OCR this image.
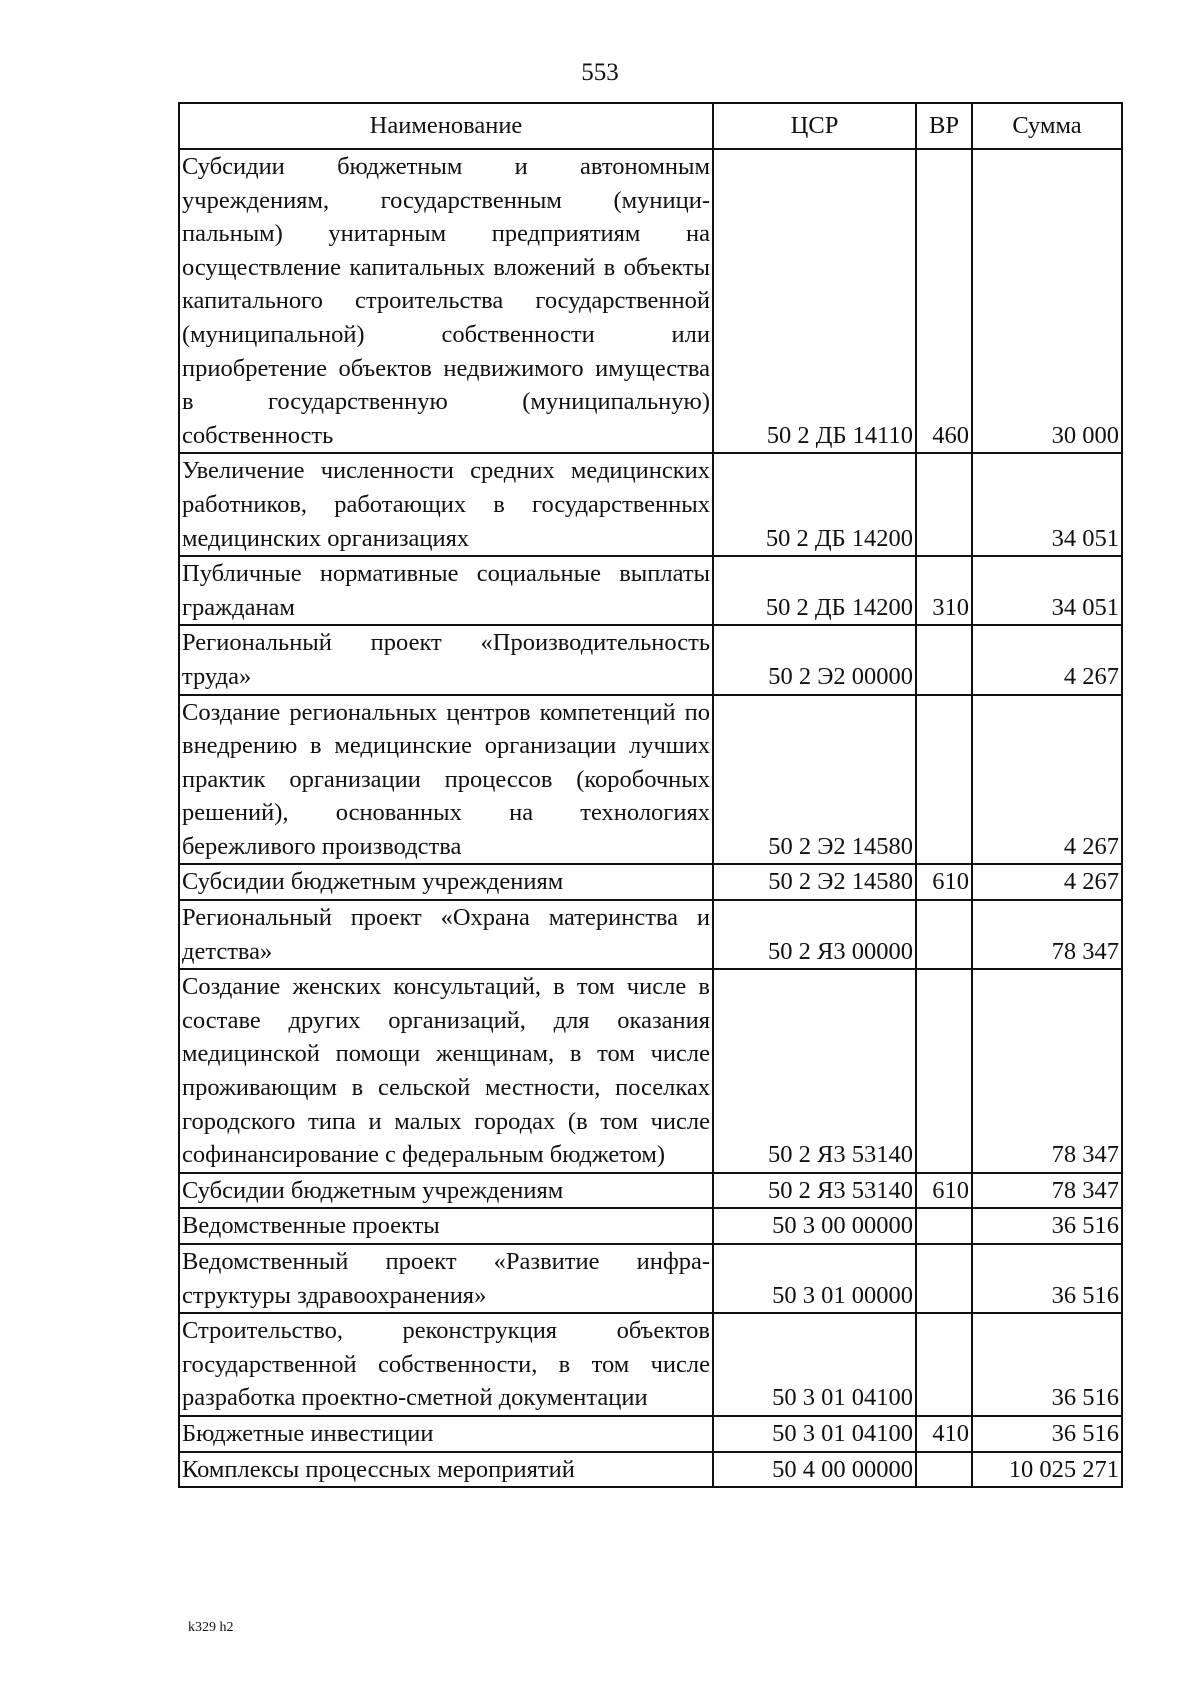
553
Наименование	ЦСР	ВР	Сумма
Субсидии бюджетным и автономным учреждениям, государственным (муниципальным) унитарным предприятиям на осуществление капитальных вложений в объекты капитального строительства государственной (муниципальной) собственности или приобретение объектов недвижимого имущества в государственную (муниципальную) собственность	50 2 ДБ 14110	460	30 000
Увеличение численности средних медицинских работников, работающих в государственных медицинских организациях	50 2 ДБ 14200		34 051
Публичные нормативные социальные выплаты гражданам	50 2 ДБ 14200	310	34 051
Региональный проект «Производительность труда»	50 2 Э2 00000		4 267
Создание региональных центров компетенций по внедрению в медицинские организации лучших практик организации процессов (коробочных решений), основанных на технологиях бережливого производства	50 2 Э2 14580		4 267
Субсидии бюджетным учреждениям	50 2 Э2 14580	610	4 267
Региональный проект «Охрана материнства и детства»	50 2 Я3 00000		78 347
Создание женских консультаций, в том числе в составе других организаций, для оказания медицинской помощи женщинам, в том числе проживающим в сельской местности, поселках городского типа и малых городах (в том числе софинансирование с федеральным бюджетом)	50 2 Я3 53140		78 347
Субсидии бюджетным учреждениям	50 2 Я3 53140	610	78 347
Ведомственные проекты	50 3 00 00000		36 516
Ведомственный проект «Развитие инфраструктуры здравоохранения»	50 3 01 00000		36 516
Строительство, реконструкция объектов государственной собственности, в том числе разработка проектно-сметной документации	50 3 01 04100		36 516
Бюджетные инвестиции	50 3 01 04100	410	36 516
Комплексы процессных мероприятий	50 4 00 00000		10 025 271
k329 h2
